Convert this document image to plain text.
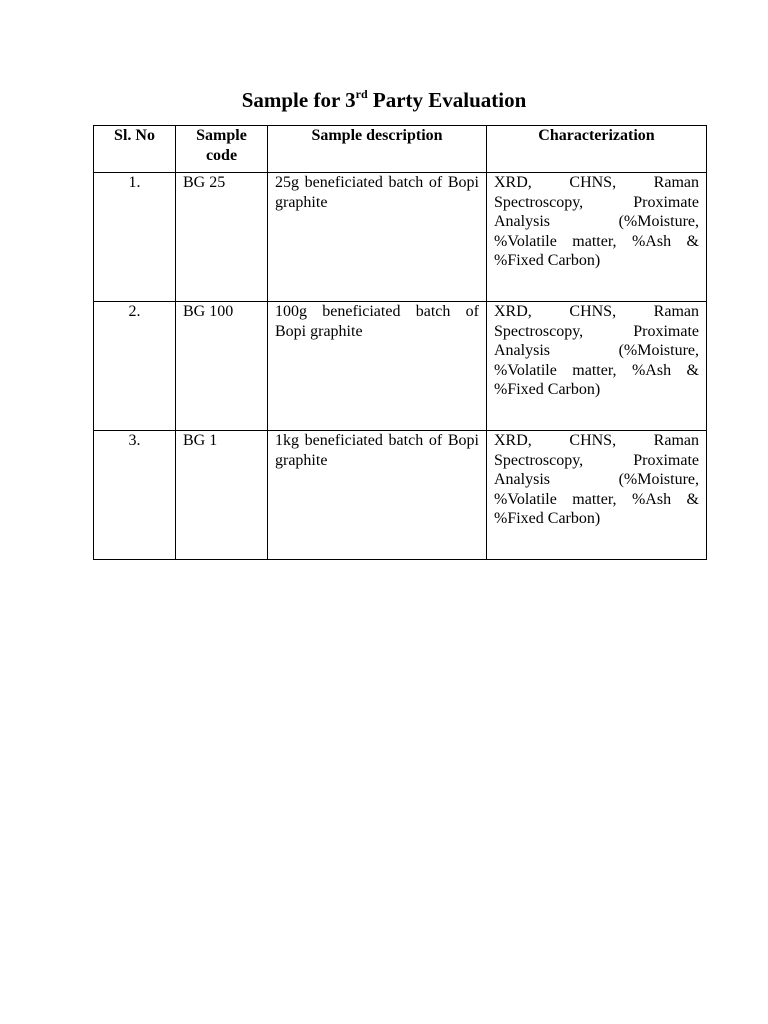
Sample for 3rd Party Evaluation
Sl. No	Sample code	Sample description	Characterization
1.	BG 25	25g beneficiated batch of Bopi graphite	XRD, CHNS, Raman Spectroscopy, Proximate Analysis (%Moisture, %Volatile matter, %Ash & %Fixed Carbon)
2.	BG 100	100g beneficiated batch of Bopi graphite	XRD, CHNS, Raman Spectroscopy, Proximate Analysis (%Moisture, %Volatile matter, %Ash & %Fixed Carbon)
3.	BG 1	1kg beneficiated batch of Bopi graphite	XRD, CHNS, Raman Spectroscopy, Proximate Analysis (%Moisture, %Volatile matter, %Ash & %Fixed Carbon)
